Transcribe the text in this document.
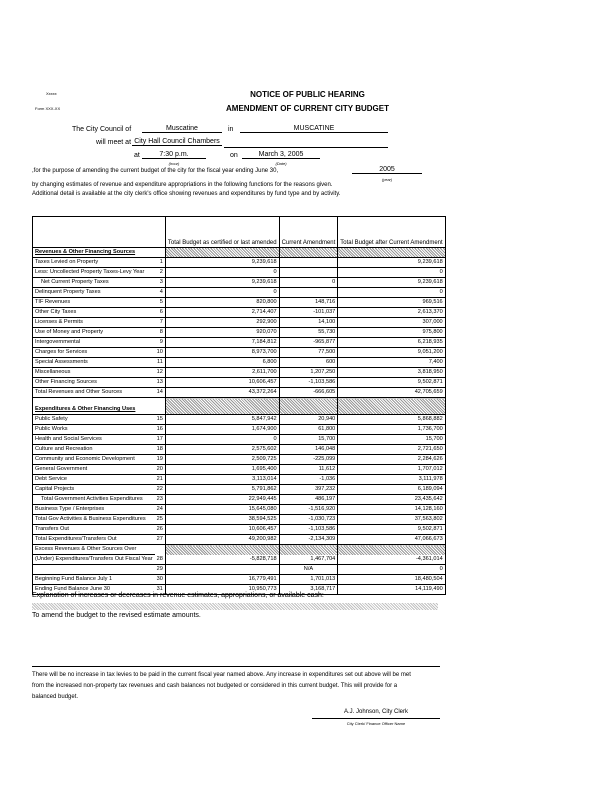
Xxxxx
Form XXX-XX
NOTICE OF PUBLIC HEARING
AMENDMENT OF CURRENT CITY BUDGET
The City Council of	Muscatine	in	MUSCATINE
will meet at City Hall Council Chambers
at	7:30 p.m.
(hour)
on	March 3, 2005
(Date)
,for the purpose of amending the current budget of the city for the fiscal year ending June 30,	2005
(year)
by changing estimates of revenue and expenditure appropriations in the following functions for the reasons given.
Additional detail is available at the city clerk's office showing revenues and expenditures by fund type and by activity.
		Total Budget as certified or last amended	Current Amendment	Total Budget after Current Amendment
Revenues & Other Financing Sources				
Taxes Levied on Property	1	9,239,618		9,239,618
Less: Uncollected Property Taxes-Levy Year	2	0		0
Net Current Property Taxes	3	9,239,618	0	9,239,618
Delinquent Property Taxes	4	0		0
TIF Revenues	5	820,800	148,716	969,516
Other City Taxes	6	2,714,407	-101,037	2,613,370
Licenses & Permits	7	292,900	14,100	307,000
Use of Money and Property	8	920,070	55,730	975,800
Intergovernmental	9	7,184,812	-965,877	6,218,935
Charges for Services	10	8,973,700	77,500	9,051,200
Special Assessments	11	6,800	600	7,400
Miscellaneous	12	2,611,700	1,207,250	3,818,950
Other Financing Sources	13	10,606,457	-1,103,586	9,502,871
Total Revenues and Other Sources	14	43,372,264	-666,605	42,705,659
Expenditures & Other Financing Uses				
Public Safety	15	5,847,942	20,940	5,868,882
Public Works	16	1,674,900	61,800	1,736,700
Health and Social Services	17	0	15,700	15,700
Culture and Recreation	18	2,575,602	146,048	2,721,650
Community and Economic Development	19	2,509,725	-225,099	2,284,626
General Government	20	1,695,400	11,612	1,707,012
Debt Service	21	3,113,014	-1,036	3,111,978
Capital Projects	22	5,791,862	397,232	6,189,094
Total Government Activities Expenditures	23	22,949,445	486,197	23,435,642
Business Type / Enterprises	24	15,645,080	-1,516,920	14,128,160
Total Gov Activities & Business Expenditures	25	38,594,525	-1,030,723	37,563,802
Transfers Out	26	10,606,457	-1,103,586	9,502,871
Total Expenditures/Transfers Out	27	49,200,982	-2,134,309	47,066,673
Excess Revenues & Other Sources Over				
(Under) Expenditures/Transfers Out Fiscal Year	28	-5,828,718	1,467,704	-4,361,014
	29		N/A	0
Beginning Fund Balance July 1	30	16,779,491	1,701,013	18,480,504
Ending Fund Balance June 30	31	10,950,773	3,168,717	14,119,490
Explanation of increases or decreases in revenue estimates, appropriations, or available cash:
To amend the budget to the revised estimate amounts.
There will be no increase in tax levies to be paid in the current fiscal year named above. Any increase in expenditures set out above will be met from the increased non-property tax revenues and cash balances not budgeted or considered in this current budget. This will provide for a balanced budget.
A.J. Johnson, City Clerk
City Clerk/ Finance Officer Name
